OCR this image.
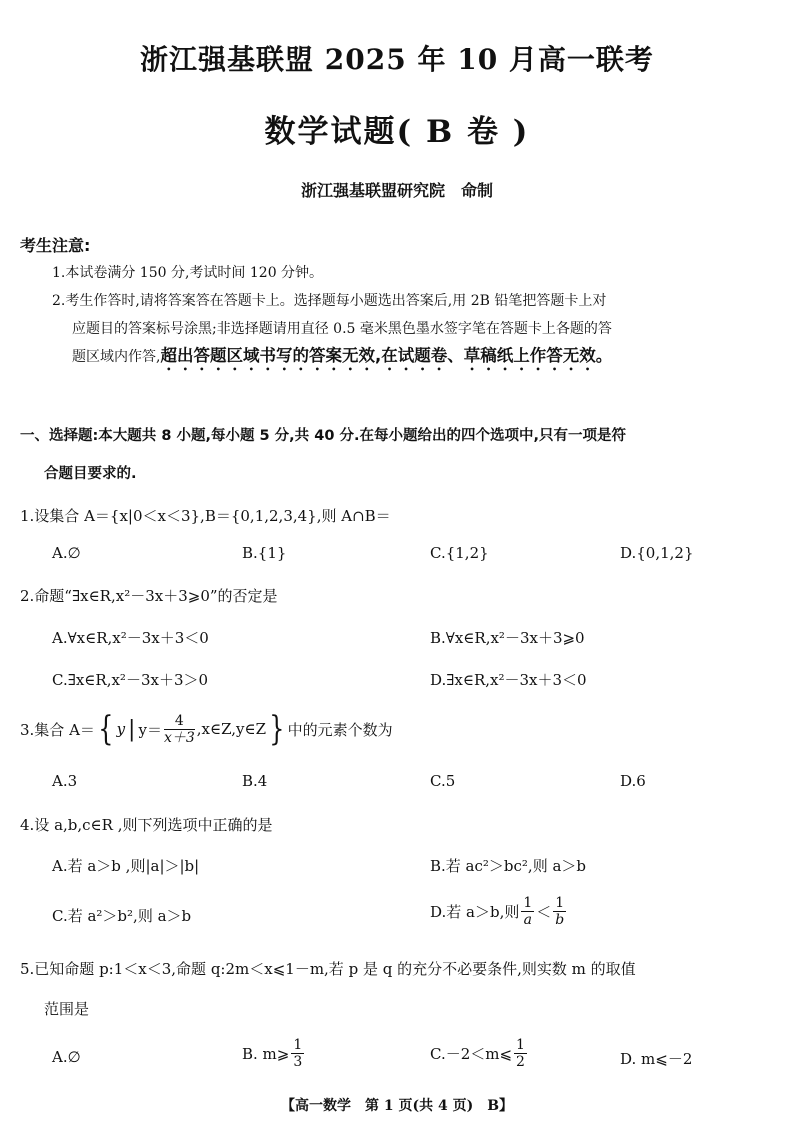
浙江强基联盟 2025 年 10 月高一联考
数学试题( B 卷 )
浙江强基联盟研究院　命制
考生注意:
1.本试卷满分 150 分,考试时间 120 分钟。
2.考生作答时,请将答案答在答题卡上。选择题每小题选出答案后,用 2B 铅笔把答题卡上对
应题目的答案标号涂黑;非选择题请用直径 0.5 毫米黑色墨水签字笔在答题卡上各题的答
题区域内作答,超出答题区域书写的答案无效,在试题卷、草稿纸上作答无效。
一、选择题:本大题共 8 小题,每小题 5 分,共 40 分.在每小题给出的四个选项中,只有一项是符
合题目要求的.
1.设集合 A＝{x|0＜x＜3},B＝{0,1,2,3,4},则 A∩B＝
A.∅	B.{1}	C.{1,2}	D.{0,1,2}
2.命题“∃x∈R,x²－3x＋3⩾0”的否定是
A.∀x∈R,x²－3x＋3＜0	B.∀x∈R,x²－3x＋3⩾0
C.∃x∈R,x²－3x＋3＞0	D.∃x∈R,x²－3x＋3＜0
3.集合 A＝ { y | $y= \frac{4}{x+3}$ ,x∈Z,y∈Z } 中的元素个数为
A.3	B.4	C.5	D.6
4.设 a,b,c∈R ,则下列选项中正确的是
A.若 a＞b ,则|a|＞|b|	B.若 ac²＞bc²,则 a＞b
C.若 a²＞b²,则 a＞b	D.若 a＞b,则 $\frac{1}{a} < \frac{1}{b}$
5.已知命题 p:1＜x＜3,命题 q:2m＜x⩽1－m,若 p 是 q 的充分不必要条件,则实数 m 的取值
范围是
A.∅	B. m⩾ $\frac{1}{3}$	C.－2＜m⩽ $\frac{1}{2}$	D. m⩽－2
【高一数学　第 1 页(共 4 页)　B】
